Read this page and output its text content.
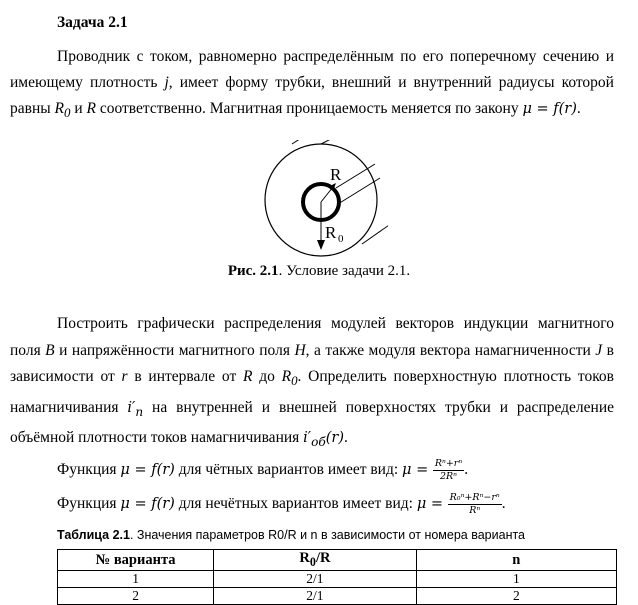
Задача 2.1
Проводник с током, равномерно распределённым по его поперечному сечению и имеющему плотность j, имеет форму трубки, внешний и внутренний радиусы которой равны $R_0$ и R соответственно. Магнитная проницаемость меняется по закону μ = f(r).
R
R 0
Рис. 2.1. Условие задачи 2.1.
Построить графически распределения модулей векторов индукции магнитного поля B и напряжённости магнитного поля H, а также модуля вектора намагниченности J в зависимости от r в интервале от R до $R_0$. Определить поверхностную плотность токов намагничивания $i'_п$ на внутренней и внешней поверхностях трубки и распределение объёмной плотности токов намагничивания $i'_{об}(r)$.
Функция μ = f(r) для чётных вариантов имеет вид: $\mu = \frac{\text{Rⁿ+rⁿ}}{\text{2Rⁿ}}$ .
Функция μ = f(r) для нечётных вариантов имеет вид: $\mu = \frac{\text{R₀ⁿ+Rⁿ−rⁿ}}{\text{Rⁿ}}$ .
Таблица 2.1. Значения параметров R0/R и n в зависимости от номера варианта
№ варианта	$R_0/R$	n
1	2/1	1
2	2/1	2
